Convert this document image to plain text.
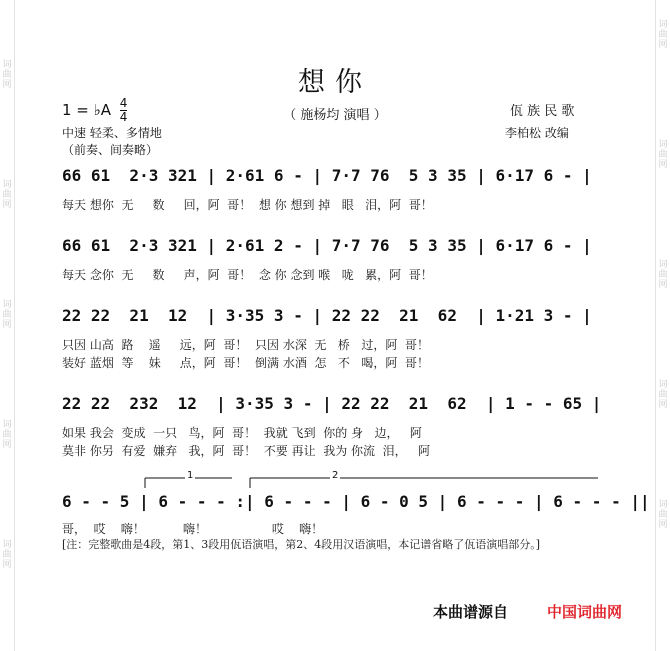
词曲网
词曲网
词曲网
词曲网
词曲网
词曲网
词曲网
词曲网
词曲网
词曲网
想你
（ 施杨均 演唱 ）
1 = ♭A $\frac{4}{4}$
中速 轻柔、多情地
（前奏、间奏略）
佤 族 民 歌
李柏松 改编
66 61  2·3 321 | 2·61 6 - | 7·7 76  5 3 35 | 6·17 6 - |
每天 想你  无     数     回，阿  哥！  想 你 想到 掉   眼   泪，阿  哥！
66 61  2·3 321 | 2·61 2 - | 7·7 76  5 3 35 | 6·17 6 - |
每天 念你  无     数     声，阿  哥！  念 你 念到 喉   咙   累，阿  哥！
22 22  21  12  | 3·35 3 - | 22 22  21  62  | 1·21 3 - |
只因 山高  路    遥     远，阿  哥！  只因 水深  无   桥   过，阿  哥！
装好 蓝烟  等    妹     点，阿  哥！  倒满 水酒  怎   不   喝，阿  哥！
22 22  232  12  | 3·35 3 - | 22 22  21  62  | 1 - - 65 |
如果 我会  变成  一只   鸟，阿  哥！  我就 飞到  你的 身   边，   阿
莫非 你另  有爱  嫌弃   我，阿  哥！  不要 再让  我为 你流  泪，   阿
1	2
6 - - 5 | 6 - - - :| 6 - - - | 6 - 0 5 | 6 - - - | 6 - - - ||
哥，  哎    嗨！          嗨！                 哎    嗨！
[注：完整歌曲是4段，第1、3段用佤语演唱，第2、4段用汉语演唱，本记谱省略了佤语演唱部分。]
本曲谱源自	中国词曲网
